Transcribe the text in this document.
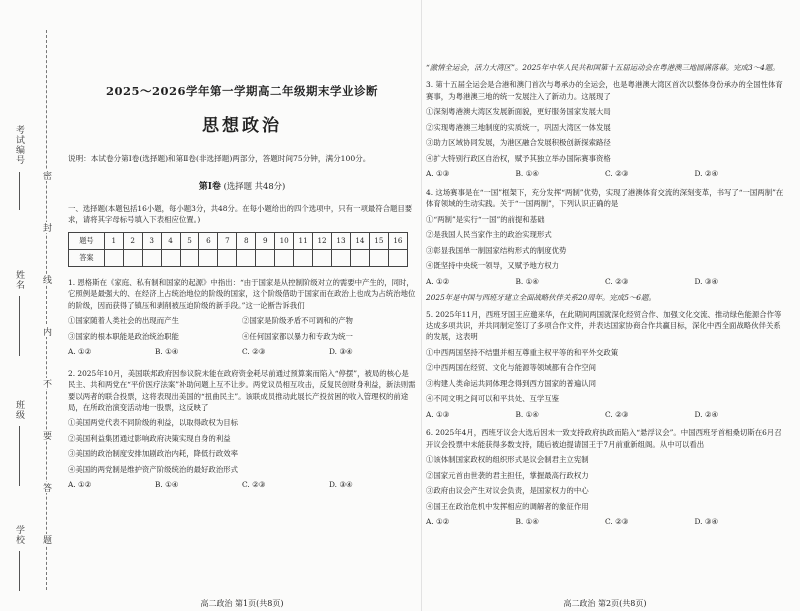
考试编号
姓名
班级
学校
密
封
线
内
不
要
答
题
2025～2026学年第一学期高二年级期末学业诊断
思想政治
说明：本试卷分第Ⅰ卷(选择题)和第Ⅱ卷(非选择题)两部分，答题时间75分钟，满分100分。
第Ⅰ卷 (选择题 共48分)
一、选择题(本题包括16小题，每小题3分，共48分。在每小题给出的四个选项中，只有一项最符合题目要求，请将其字母标号填入下表相应位置。)
题号	1	2	3	4	5	6	7	8	9	10	11	12	13	14	15	16
答案																
1. 恩格斯在《家庭、私有制和国家的起源》中指出：“由于国家是从控制阶级对立的需要中产生的，同时，它照例是最强大的、在经济上占统治地位的阶级的国家，这个阶级借助于国家而在政治上也成为占统治地位的阶级，因而获得了镇压和剥削被压迫阶级的新手段。”这一论断告诉我们
①国家随着人类社会的出现而产生	②国家是阶级矛盾不可调和的产物
③国家的根本职能是政治统治职能	④任何国家都以暴力和专政为统一
A. ①②	B. ①④	C. ②③	D. ③④
2. 2025年10月，美国联邦政府因参议院未能在政府资金耗尽前通过预算案而陷入“停摆”，被局的核心是民主、共和两党在“平价医疗法案”补助问题上互不让步。两党议员相互攻击，反复民创财身利益，新法则需要以两者的联合投票，这将表现出美国的“扭曲民主”。该联成员推动此展长产投贫困的收入管理权的前途局，在所政治演变活动地一股票，这反映了
①美国两党代表不同阶级的利益，以取得政权为目标
②美国利益集团通过影响政府决策实现自身的利益
③美国的政治制度安排加剧政治内耗，降低行政效率
④美国的两党制是维护资产阶级统治的最好政治形式
A. ①②	B. ①④	C. ②③	D. ③④
高二政治 第1页(共8页)
“激情全运会，活力大湾区”。2025年中华人民共和国第十五届运动会在粤港澳三地圆满落幕。完成3～4题。
3. 第十五届全运会是合港和澳门首次与粤承办的全运会，也是粤港澳大湾区首次以整体身份承办的全国性体育赛事，为粤港澳三地的统一发展注入了新动力。这展现了
①深刻粤港澳大湾区发展新面貌，更好服务国家发展大局
②实现粤港澳三地制度的实质统一，巩固大湾区一体发展
③助力区域协同发展，为港区融合发展积极创新探索路径
④扩大特别行政区自治权，赋予其独立举办国际赛事资格
A. ①③	B. ①④	C. ②③	D. ②④
4. 这场赛事是在“一国”框架下，充分发挥“两制”优势，实现了港澳体育交流的深刻变革，书写了“一国两制”在体育领域的生动实践。关于“一国两制”，下列认识正确的是
①“两制”是实行“一国”的前提和基础
②是我国人民当家作主的政治实现形式
③彰显我国单一制国家结构形式的制度优势
④既坚持中央统一领导，又赋予地方权力
A. ①②	B. ①④	C. ②③	D. ③④
2025年是中国与西班牙建立全面战略伙伴关系20周年。完成5～6题。
5. 2025年11月，西班牙国王应邀来华，在此期间两国就深化经贸合作、加强文化交流、推动绿色能源合作等达成多项共识，并共同制定签订了多项合作文件，并表达国家协商合作共赢目标，深化中西全面战略伙伴关系的发展，这表明
①中西两国坚持不结盟并相互尊重主权平等的和平外交政策
②中西两国在经贸、文化与能源等领域都有合作空间
③构建人类命运共同体理念得到西方国家的普遍认同
④不同文明之间可以和平共处、互学互鉴
A. ①③	B. ①④	C. ②③	D. ②④
6. 2025年4月，西班牙议会大选后因未一致支持政府执政而陷入“悬浮议会”。中国西班牙首相桑切斯在6月召开议会投票中未能获得多数支持，随后被迫提请国王于7月前重新组阁。从中可以看出
①该体制国家政权的组织形式是议会制君主立宪制
②国家元首由世袭的君主担任，掌握最高行政权力
③政府由议会产生对议会负责，是国家权力的中心
④国王在政治危机中发挥相应的调解者的象征作用
A. ①②	B. ①④	C. ②③	D. ③④
高二政治 第2页(共8页)
